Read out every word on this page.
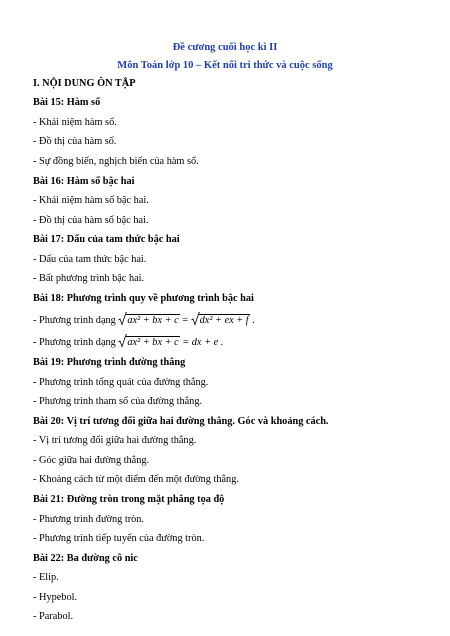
Đề cương cuối học kì II
Môn Toán lớp 10 – Kết nối tri thức và cuộc sống
I. NỘI DUNG ÔN TẬP
Bài 15: Hàm số
- Khái niệm hàm số.
- Đồ thị của hàm số.
- Sự đồng biến, nghịch biến của hàm số.
Bài 16: Hàm số bậc hai
- Khái niệm hàm số bậc hai.
- Đồ thị của hàm số bậc hai.
Bài 17: Dấu của tam thức bậc hai
- Dấu của tam thức bậc hai.
- Bất phương trình bậc hai.
Bài 18: Phương trình quy về phương trình bậc hai
- Phương trình dạng ax² + bx + c =
dx² + ex + f .
- Phương trình dạng ax² + bx + c = dx + e .
Bài 19: Phương trình đường thẳng
- Phương trình tổng quát của đường thẳng.
- Phương trình tham số của đường thẳng.
Bài 20: Vị trí tương đối giữa hai đường thẳng. Góc và khoảng cách.
- Vị trí tương đối giữa hai đường thẳng.
- Góc giữa hai đường thẳng.
- Khoảng cách từ một điểm đến một đường thẳng.
Bài 21: Đường tròn trong mặt phẳng tọa độ
- Phương trình đường tròn.
- Phương trình tiếp tuyến của đường tròn.
Bài 22: Ba đường cô nic
- Elip.
- Hypebol.
- Parabol.
